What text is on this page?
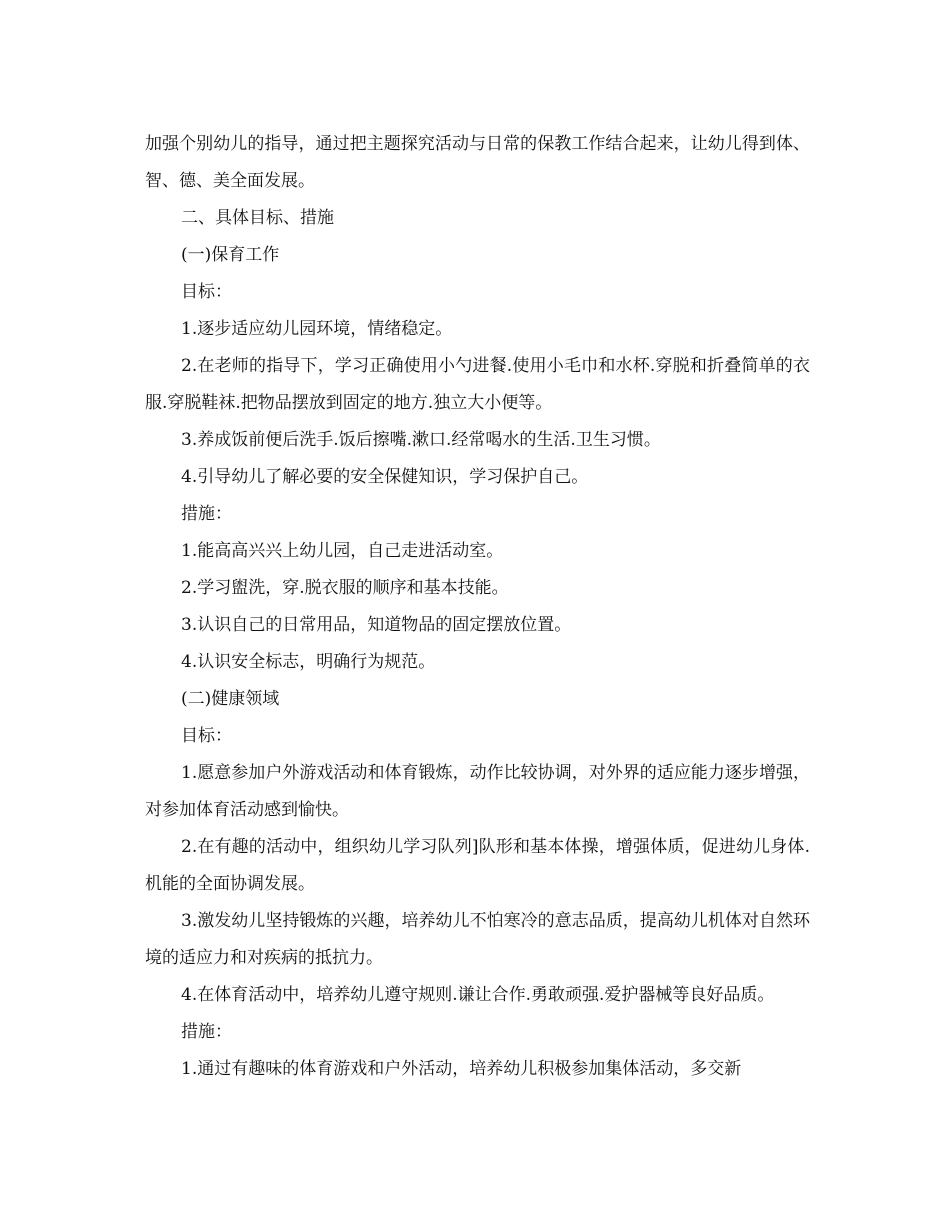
加强个别幼儿的指导，通过把主题探究活动与日常的保教工作结合起来，让幼儿得到体、智、德、美全面发展。

二、具体目标、措施

(一)保育工作

目标：

1.逐步适应幼儿园环境，情绪稳定。

2.在老师的指导下，学习正确使用小勺进餐.使用小毛巾和水杯.穿脱和折叠简单的衣服.穿脱鞋袜.把物品摆放到固定的地方.独立大小便等。

3.养成饭前便后洗手.饭后擦嘴.漱口.经常喝水的生活.卫生习惯。

4.引导幼儿了解必要的安全保健知识，学习保护自己。

措施：

1.能高高兴兴上幼儿园，自己走进活动室。

2.学习盥洗，穿.脱衣服的顺序和基本技能。

3.认识自己的日常用品，知道物品的固定摆放位置。

4.认识安全标志，明确行为规范。

(二)健康领域

目标：

1.愿意参加户外游戏活动和体育锻炼，动作比较协调，对外界的适应能力逐步增强，对参加体育活动感到愉快。

2.在有趣的活动中，组织幼儿学习队列]队形和基本体操，增强体质，促进幼儿身体.机能的全面协调发展。

3.激发幼儿坚持锻炼的兴趣，培养幼儿不怕寒冷的意志品质，提高幼儿机体对自然环境的适应力和对疾病的抵抗力。

4.在体育活动中，培养幼儿遵守规则.谦让合作.勇敢顽强.爱护器械等良好品质。

措施：

1.通过有趣味的体育游戏和户外活动，培养幼儿积极参加集体活动，多交新
